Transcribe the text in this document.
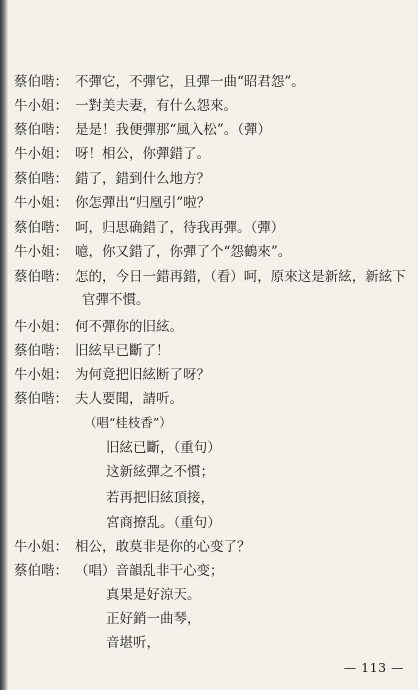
蔡伯喈： 不彈它，不彈它，且彈一曲“昭君怨”。
牛小姐： 一對美夫妻，有什么怨來。
蔡伯喈： 是是！我便彈那“風入松”。（彈）
牛小姐： 呀！相公，你彈錯了。
蔡伯喈： 錯了，錯到什么地方？
牛小姐： 你怎彈出“归凰引”啦？
蔡伯喈： 呵，归思确錯了，待我再彈。（彈）
牛小姐： 噫，你又錯了，你彈了个“怨鶴來”。
蔡伯喈： 怎的，今日一錯再錯，（看）呵，原來这是新絃，新絃下
官彈不慣。
牛小姐： 何不彈你的旧絃。
蔡伯喈： 旧絃早已斷了！
牛小姐： 为何竟把旧絃断了呀？
蔡伯喈： 夫人要聞，請听。
（唱“桂枝香”）
旧絃已斷，（重句）
这新絃彈之不慣；
若再把旧絃頂接，
宮商撩乱。（重句）
牛小姐： 相公，敢莫非是你的心变了？
蔡伯喈： （唱）音韻乱非干心变；
真果是好涼天。
正好銷一曲琴，
音堪听，
— 113 —
